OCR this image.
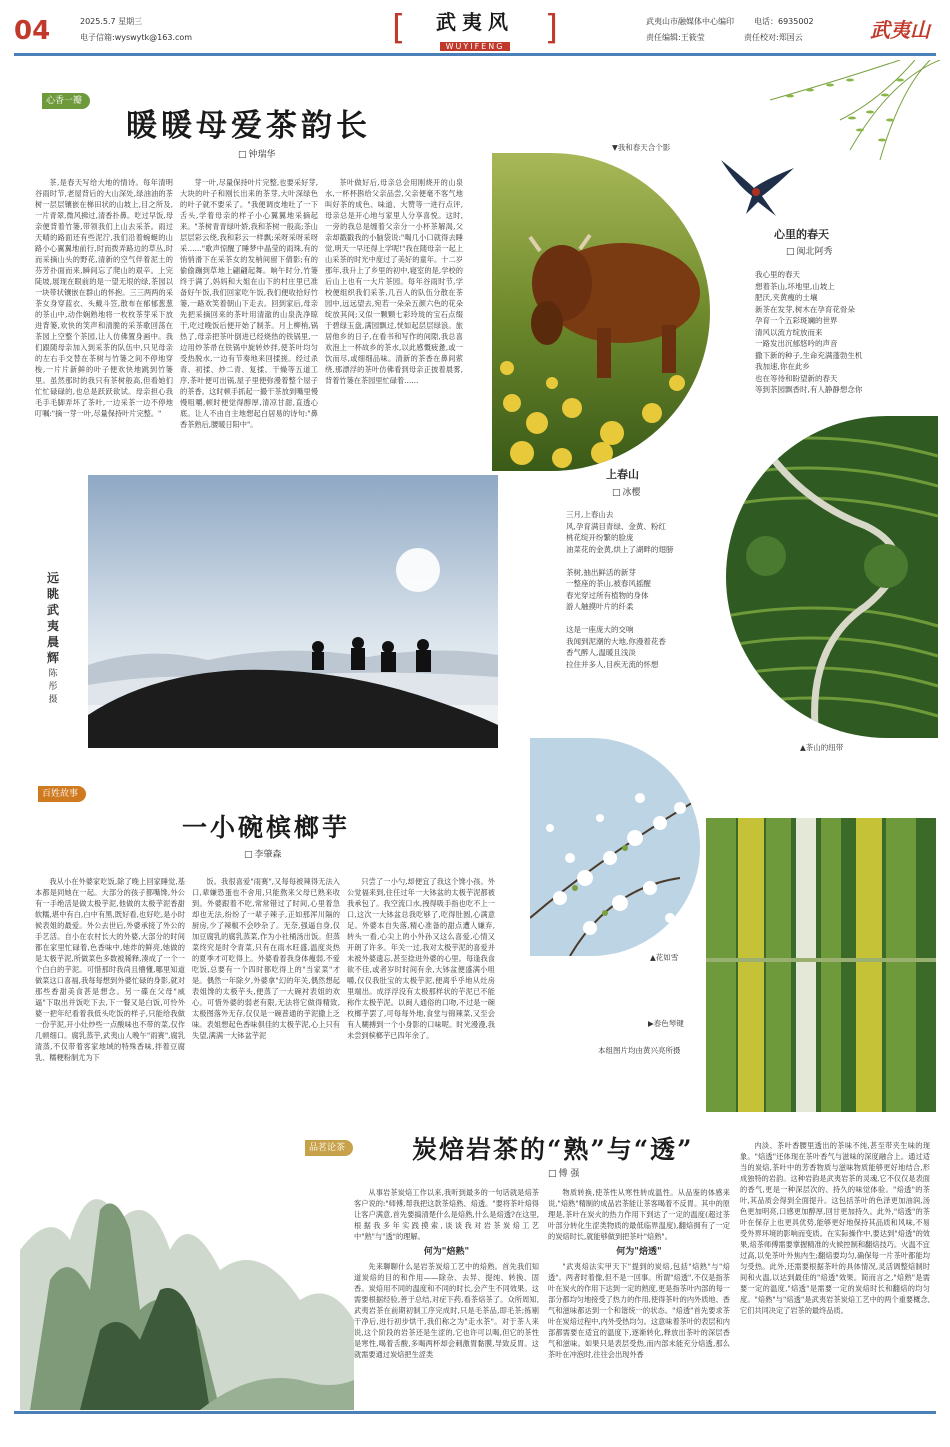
04	2025.5.7 星期三
电子信箱:wyswytk@163.com	[	武夷风
WUYIFENG ]	武夷山市融媒体中心编印	电话：6935002
责任编辑:王筱莹	责任校对:郑国云	武夷山
心香一瓣
暖暖母爱茶韵长
□ 钟瑞华

茶,是春天写给大地的情诗。每年清明谷雨时节,老屋背后的大山深处,绿油油的茶树一层层镶嵌在梯田状的山坡上,目之所及,一片青翠,微风拂过,清香扑鼻。吃过早饭,母亲便背着竹篓,带领我们上山去采茶。雨过天晴的路面还有些泥泞,我们沿着蜿蜒的山路小心翼翼地前行,时而拨弄路边的草丛,时而采摘山头的野花,清新的空气伴着泥土的芬芳扑面而来,瞬间忘了爬山的艰辛。上完陡坡,展现在眼前的是一望无垠的绿,茶园以一块带状镶嵌在群山的怀抱。三三两两的采茶女身穿蓝衣、头戴斗笠,散布在郁郁葱葱的茶山中,动作娴熟地将一枚枚茶芽采下放进背篓,欢快的笑声和清脆的采茶歌回荡在茶园上空整个茶园,让人仿佛置身画中。我们跟随母亲加入到采茶的队伍中,只见母亲的左右手交替在茶树与竹篓之间不停地穿梭,一片片新鲜的叶子便欢快地跳到竹篓里。虽然那时的我只有茶树般高,但看她们忙忙碌碌的,也总是跃跃欲试。母亲担心我毛手毛脚弄坏了茶叶,一边采茶一边不停地叮嘱:"摘一芽一叶,尽量保持叶片完整。"

芽一叶,尽量保持叶片完整,也要采好芽,大块的叶子和刚长出来的茶芽,大叶深绿色的叶子就不要采了。"我便调皮地吐了一下舌头,学着母亲的样子小心翼翼地采摘起来。"茶树青青绿叶娇,我和茶树一般高;茶山层层彩云绕,我和彩云一样飘;采呀采呀采呀采……"歌声惊醒了睡梦中晶莹的雨珠,有的悄悄滑下在采茶女的发梢间留下倩影;有的偷偷蹦到草地上翩翩起舞。晌午时分,竹篓终于满了,妈妈和大姐在山下的村庄里已准备好午饭,我们回家吃午饭,我们便收拾好竹篓,一路欢笑着朝山下走去。回到家后,母亲先把采摘回来的茶叶用清澈的山泉洗净晾干,吃过晚饭后便开始了制茶。月上柳梢,锅热了,母亲把茶叶倒进已经烧热的铁锅里,一边用炒茶帚在铁锅中旋转炒拌,使茶叶均匀受热脱水,一边有节奏地来回揉搓。经过杀青、初揉、炒二青、复揉、干燥等五道工序,茶叶便可出锅,屋子里便弥漫着整个屋子的茶香。这时顿手抓起一撮干茶放到嘴里慢慢咀嚼,顿时便觉得醇厚,清凉甘甜,直透心底。让人不由自主地想起白居易的诗句:"鼻香茶熟后,腰暖日阳中"。

茶叶做好后,母亲总会用刚烧开的山泉水,一杯杯斟给父亲品尝,父亲便毫不客气地叫好茶的成色、味道、大赞等一进行点评,母亲总是开心地与家里人分享喜悦。这时,一旁的我总是缠着父亲分一小杯茶解渴,父亲却戳戳我的小脑袋说:"喝几小口就得去睡觉,明天一早还得上学呢!"我在随母亲一起上山采茶的时光中度过了美好的童年。十二岁那年,我升上了乡里的初中,寝室的是,学校的后山上也有一大片茶园。每年谷雨时节,学校便组织我们采茶,几百人的队伍分散在茶园中,远远望去,宛若一朵朵五颜六色的花朵绽放其间;又似一颗颗七彩玲珑的宝石点缀于碧绿玉盘,满园飘过,恍如起层层绿浪。旅居他乡的日子,在看书和写作的间隙,我总喜欢泡上一杯故乡的茶水,以此感慨疲惫,或一饮而尽,或细细品味。清新的茶香在鼻间萦绕,那漂浮的茶叶仿佛看到母亲正披着晨雾,背着竹篓在茶园里忙碌着……

▼我和春天合个影
心里的春天
□ 闽北阿秀
我心里的春天
想着茶山,坏地里,山坡上
肥沃,夹黄瘦的土壤
新茶在发芽,树木在孕育花骨朵
孕育一个五彩斑斓的世界
清风以流方绽放而来
一路发出沉郁悠吟的声音
撒下新的种子,生命充满蓬勃生机
我加速,你在此乡
也在等待和盼望新的春天
等到茶园飘香时,有人静静想念你
远眺武夷晨辉
陈彤 摄
上春山
□ 冰樱
三月,上春山去
风,孕育满目青绿、金黄、粉红
桃花绽开纷繁的脸庞
油菜花的金黄,烘上了湖畔的翅膀

茶树,抽出鲜活的新芽
一整座的茶山,被春风摇醒
春光穿过所有植物的身体
游人触摸叶片的纤柔

这是一座庞大的交响
我闻到泥潮的大地,你漫着花香
香气醉人,温暖且浅淡
拉住并多人,目疾无流的怀想
▲茶山的纽带
百姓故事
一小碗槟榔芋
□ 李肇森

我从小在外婆家吃饭,除了晚上回家睡觉,基本都是同她在一起。大部分的孩子都嘴馋,外公有一手绝活是做太极芋泥,他做的太极芋泥香甜软糯,堪中有白,白中有黑,既好看,也好吃,是小时候表姐的最爱。外公去世后,外婆承接了外公的手艺活。自小在农村长大的外婆,大部分的时间都在家里忙碌着,色香味中,她炸的鲜亮,她做的是太极芋泥,所做菜色多数被稀释,凑成了一个一个白白的芋泥。可惜那时我尚且懵懂,哪里知道做菜这口喜福,我每每想到外婆忙碌的身影,就对那些香甜美食甚是想念。另一碟在父母"威逼"下取出并饭吃下去,下一餐又是白饭,可怜外婆一把年纪看着我低头吃饭的样子,只能给我做一份芋泥,开小灶炒些一点酸味也不带的菜,仅作几顿细口。腐乳蒸芋,武夷山人晚午"雨赛",腐乳清蒸,不仅带着客家地域的特殊香味,拌着豆腐乳、糯粳粉制尤为下

饭。我很喜爱"雨赛",又每每被辣得无法入口,辈嫌恐蛋也不舍用,只能熬来父母已熟来收到。外婆跟着不吃,常常错过了时间,心里着急却也无法,纷纷了一辈子辣子,正如那浑川隔的厨房,少了辣椒不会吵杂了。无奈,强逼自身,仅加豆腐乳的腐乳蒸菜,作为小社桶汤出饭。但蒸菜终究是时令青菜,只有在雨水旺盛,温度炎热的夏季才可吃得上。外婆看着我身体瘦弱,不爱吃饭,总要有一个四时都吃得上的"当家菜"才是。偶然一年除夕,外婆拿"幻的年关,偶然想起表姐馋的太极芋头,便蒸了一大碗衬表姐的欢心。可惜外婆的弱老有限,无法将它做得精致,太极图落外无存,仅仅是一碗普通的芋泥撒上乏味。表姐想起色香味俱佳的太极芋泥,心上只有失望,满满一大钵盆芋泥

只尝了一小勺,却便宜了我这个馋小孩。外公觉福来到,住任过年一大钵盆的太极芋泥都被我承包了。我空流口水,拽得吸手指也吃不上一口,这次一大钵盆总我吃够了,吃得肚圆,心满意足。外婆本自失落,精心准备的甜点遭人嫌弃,转头一看,心尖上的小外孙又这么喜爱,心情又开朗了许多。年关一过,我对太极芋泥的喜爱并未被外婆遗忘,甚至捻进外婆的心里。每逢我食欲不佳,或者岁时时间有余,大钵盆便盛满小咀嚼,仅仅我肚宝的太极芋泥,便离乎乎地从灶房里端出。成浮浮没有太极那样状的芋泥已不能称作太极芋泥。以闽人通俗的口吻,不过是一碗枚榔芋罢了,可每每外地,食堂与锦辣菜,又至会有人糊搏到一个小身影的口味呢。时光漫漫,我未尝到槟榔芋已四年余了。

▲花如雪
▶春色琴键
本组图片均由黄兴亮所摄
品茗论茶	炭焙岩茶的“熟”与“透”
□ 傅 强

从事岩茶炭焙工作以来,我听到最多的一句话就是焙茶客户说的:"师傅,帮我把这款茶焙熟、焙透。"要将茶叶焙得让客户满意,首先要搞清楚什么是焙熟,什么是焙透?在这里,根据我多年实践摸索,谈谈我对岩茶炭焙工艺中"熟"与"透"的理解。

何为"焙熟"

先来聊聊什么是岩茶炭焙工艺中的焙熟。首先我们知道炭焙的目的和作用——除杂、去异、提纯、转换、固香。炭焙用不同的温度和不同的时长,会产生不同效果。这需要根据经验,善于总结,对症下药,看茶焙茶了。众所周知,武夷岩茶在前期初制工序完成时,只是毛茶品,即毛茶;拣剔干净后,进行初步烘干,我们称之为"走水茶"。对于茶人来说,这个阶段的岩茶还是生涩的,它也许可以喝,但它的茶性是寒性,喝着舌酸,多喝两杯却会刺激胃黏膜,导致反胃。这就需要通过炭焙把生涩类

物质转换,使茶性从寒性转成温性。从品鉴的体感来说,"焙熟"精制的成品岩茶能让茶客喝着不反胃。其中的原理是,茶叶在炭火的热力作用下到达了一定的温度(超过茶叶部分转化生涩类物质的最低临界温度),翻焙拥有了一定的炭焙时长,就能够做到把茶叶"焙熟"。

何为"焙透"

"武夷焙法实甲天下"提到的炭焙,包括"焙熟"与"焙透"。两者时着像,但不是一回事。所谓"焙透",不仅是指茶叶在炭火的作用下达到一定的熟度,更是指茶叶内部的每一部分都均匀地接受了热力的作用,使得茶叶的内外质地、香气和滋味都达到一个和谐统一的状态。"焙透"首先要求茶叶在炭焙过程中,内外受热均匀。这意味着茶叶的表层和内部都需要在适宜的温度下,逐渐转化,释放出茶叶的深层香气和滋味。如果只是表层受热,而内部未能充分焙透,那么茶叶在冲泡时,往往会出现外香

内淡、茶叶香腰里透出的茶味不纯,甚至带夹生味的现象。"焙透"还体现在茶叶香气与滋味的深度融合上。通过适当的炭焙,茶叶中的芳香物质与滋味物质能够更好地结合,形成独特的岩韵。这种岩韵是武夷岩茶的灵魂,它不仅仅是表面的香气,更是一种深层次的、持久的味觉体验。"焙透"的茶叶,其品质会得到全面提升。这包括茶叶的色泽更加油润,汤色更加明亮,口感更加醇厚,回甘更加持久。此外,"焙透"的茶叶在保存上也更具优势,能够更好地保持其品质和风味,不易受外界环境的影响而变质。在实际操作中,要达到"焙透"的效果,焙茶师傅需要掌握精准的火候控制和翻焙技巧。火温不宜过高,以免茶叶外焦内生;翻焙要均匀,确保每一片茶叶都能均匀受热。此外,还需要根据茶叶的具体情况,灵活调整焙制时间和火温,以达到最佳的"焙透"效果。简而言之,"焙熟"是需要一定的温度,"焙透"是需要一定的炭焙时长和翻焙的均匀度。"焙熟"与"焙透"是武夷岩茶炭焙工艺中的两个重要概念,它们共同决定了岩茶的最终品质。
